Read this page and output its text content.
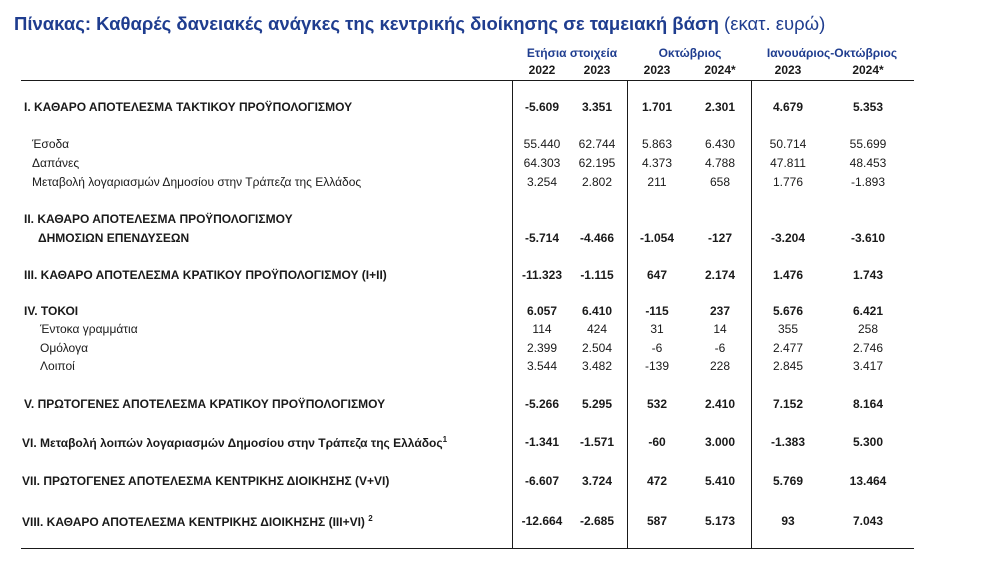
Πίνακας: Καθαρές δανειακές ανάγκες της κεντρικής διοίκησης σε ταμειακή βάση (εκατ. ευρώ)
Ετήσια στοιχεία	Οκτώβριος	Ιανουάριος-Οκτώβριος
2022	2023	2023	2024*	2023	2024*
I. ΚΑΘΑΡΟ ΑΠΟΤΕΛΕΣΜΑ ΤΑΚΤΙΚΟΥ ΠΡΟΫΠΟΛΟΓΙΣΜΟΥ	-5.609	3.351	1.701	2.301	4.679	5.353
Έσοδα	55.440	62.744	5.863	6.430	50.714	55.699
Δαπάνες	64.303	62.195	4.373	4.788	47.811	48.453
Μεταβολή λογαριασμών Δημοσίου στην Τράπεζα της Ελλάδος	3.254	2.802	211	658	1.776	-1.893
II. ΚΑΘΑΡΟ ΑΠΟΤΕΛΕΣΜΑ ΠΡΟΫΠΟΛΟΓΙΣΜΟΥ
ΔΗΜΟΣΙΩΝ ΕΠΕΝΔΥΣΕΩΝ	-5.714	-4.466	-1.054	-127	-3.204	-3.610
III. ΚΑΘΑΡΟ ΑΠΟΤΕΛΕΣΜΑ ΚΡΑΤΙΚΟΥ ΠΡΟΫΠΟΛΟΓΙΣΜΟΥ (I+II)	-11.323	-1.115	647	2.174	1.476	1.743
IV. ΤΟΚΟΙ	6.057	6.410	-115	237	5.676	6.421
Έντοκα γραμμάτια	114	424	31	14	355	258
Ομόλογα	2.399	2.504	-6	-6	2.477	2.746
Λοιποί	3.544	3.482	-139	228	2.845	3.417
V. ΠΡΩΤΟΓΕΝΕΣ ΑΠΟΤΕΛΕΣΜΑ ΚΡΑΤΙΚΟΥ ΠΡΟΫΠΟΛΟΓΙΣΜΟΥ	-5.266	5.295	532	2.410	7.152	8.164
VI. Μεταβολή λοιπών λογαριασμών Δημοσίου στην Τράπεζα της Ελλάδος$^1$	-1.341	-1.571	-60	3.000	-1.383	5.300
VII. ΠΡΩΤΟΓΕΝΕΣ ΑΠΟΤΕΛΕΣΜΑ ΚΕΝΤΡΙΚΗΣ ΔΙΟΙΚΗΣΗΣ (V+VI)	-6.607	3.724	472	5.410	5.769	13.464
VIII. ΚΑΘΑΡΟ ΑΠΟΤΕΛΕΣΜΑ ΚΕΝΤΡΙΚΗΣ ΔΙΟΙΚΗΣΗΣ (III+VI) $^2$	-12.664	-2.685	587	5.173	93	7.043
